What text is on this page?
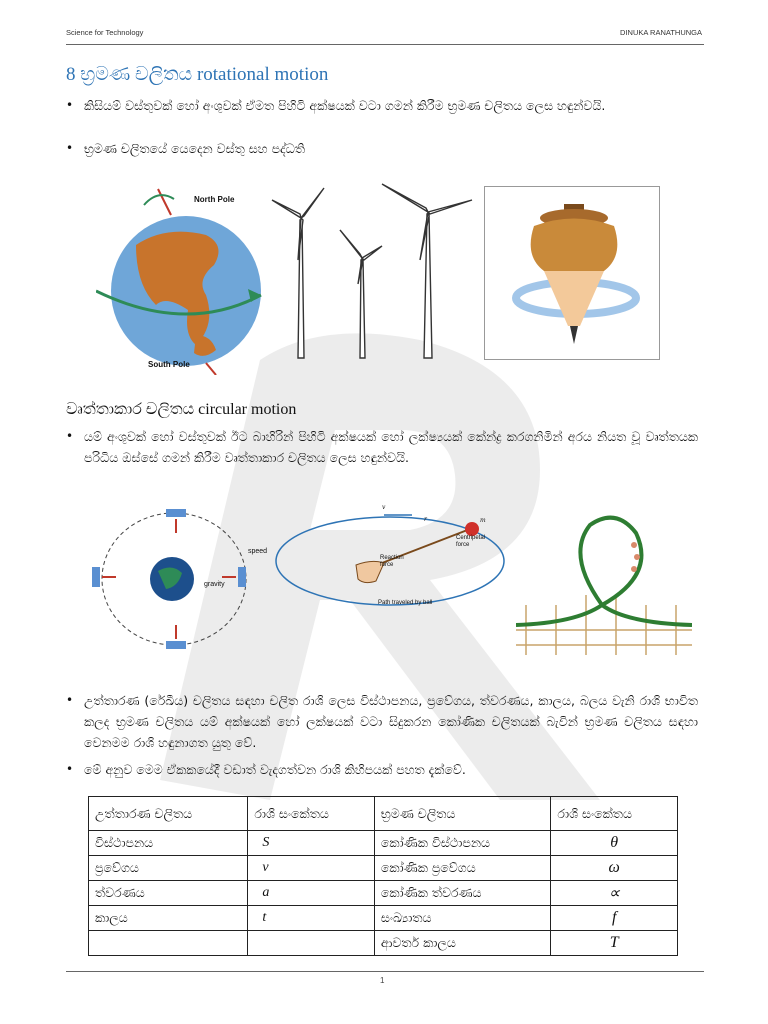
Science for Technology	DINUKA RANATHUNGA
8 භ්‍රමණ චලිතය rotational motion
• කිසියම් වස්තුවක් හෝ අංශුවක් ඒමත පිහිටි අක්ෂයක් වටා ගමන් කිරීම භ්‍රමණ චලිතය ලෙස හඳුන්වයි.
• භ්‍රමණ චලිතයේ යෙදෙන වස්තු සහ පද්ධති
North Pole
South Pole
වෘත්තාකාර චලිතය circular motion
• යම් අංශුවක් හෝ වස්තුවක් ඊට බාහිරින් පිහිටි අක්ෂයක් හෝ ලක්ෂ්‍යයක් කේන්ද්‍ර කරගනිමින් අරය නියත වූ වෘත්තයක පරිධිය ඔස්සේ ගමන් කිරීම වෘත්තාකාර චලිතය ලෙස හඳුන්වයි.
speed
gravity
v
r	m
Centripetal force
Reaction force
Path traveled by ball
• උත්තාරණ (රේඛීය) චලිතය සඳහා චලිත රාශි ලෙස විස්ථාපනය, ප්‍රවේගය, ත්වරණය, කාලය, බලය වැනි රාශි භාවිත කලද භ්‍රමණ චලිතය යම් අක්ෂයක් හෝ ලක්ෂයක් වටා සිදුකරන කෝණික චලිතයක් බැවින් භ්‍රමණ චලිතය සඳහා වෙනමම රාශි හඳුනාගත යුතු වේ.
• මේ අනුව මෙම ඒකකයේදී වඩාත් වැදගත්වන රාශි කිහිපයක් පහත දැක්වේ.
උත්තාරණ චලිතය	රාශි සංකේතය	භ්‍රමණ චලිතය	රාශි සංකේතය
විස්ථාපනය	S	කෝණික විස්ථාපනය	θ
ප්‍රවේගය	v	කෝණික ප්‍රවේගය	ω
ත්වරණය	a	කෝණික ත්වරණය	∝
කාලය	t	සංඛ්‍යාතය	f
		ආවර්ත කාලය	T
1
